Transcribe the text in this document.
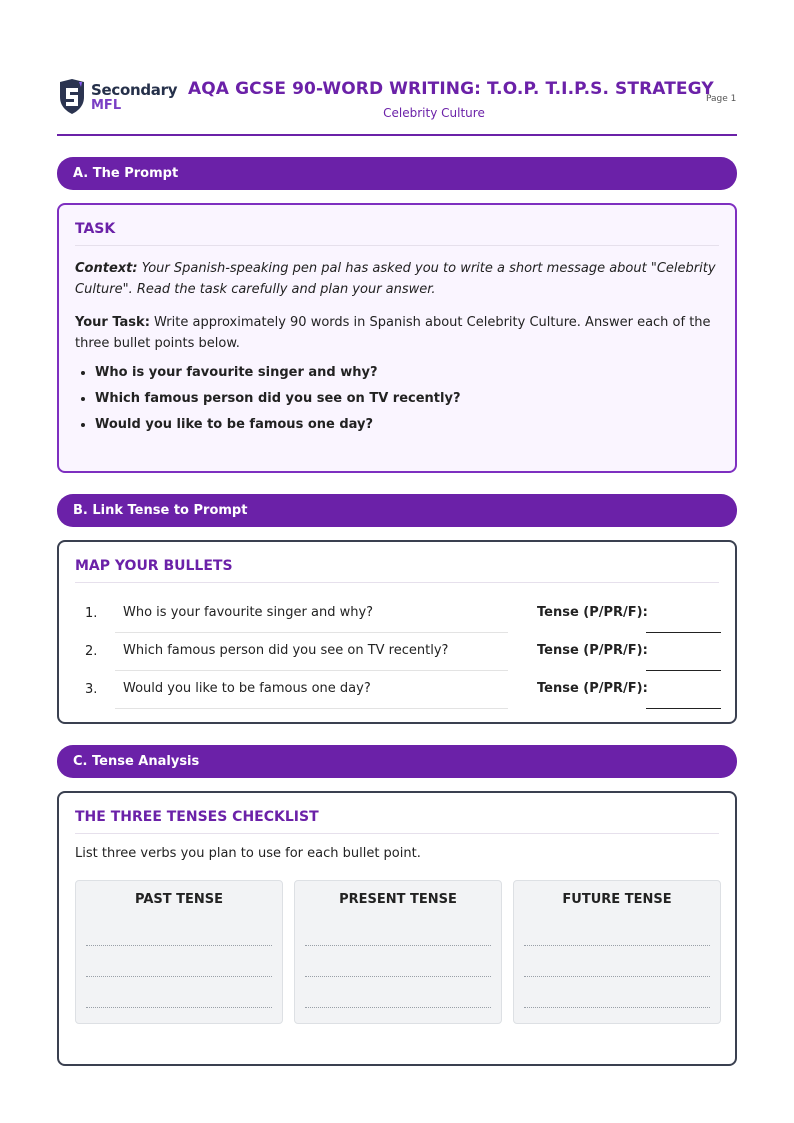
Secondary
MFL
AQA GCSE 90-WORD WRITING: T.O.P. T.I.P.S. STRATEGY
Celebrity Culture
Page 1
A. The Prompt
TASK
Context: Your Spanish-speaking pen pal has asked you to write a short message about "Celebrity Culture". Read the task carefully and plan your answer.
Your Task: Write approximately 90 words in Spanish about Celebrity Culture. Answer each of the three bullet points below.
• Who is your favourite singer and why?
• Which famous person did you see on TV recently?
• Would you like to be famous one day?
B. Link Tense to Prompt
MAP YOUR BULLETS
1.	Who is your favourite singer and why?	Tense (P/PR/F):
2.	Which famous person did you see on TV recently?	Tense (P/PR/F):
3.	Would you like to be famous one day?	Tense (P/PR/F):
C. Tense Analysis
THE THREE TENSES CHECKLIST
List three verbs you plan to use for each bullet point.
PAST TENSE	PRESENT TENSE	FUTURE TENSE
